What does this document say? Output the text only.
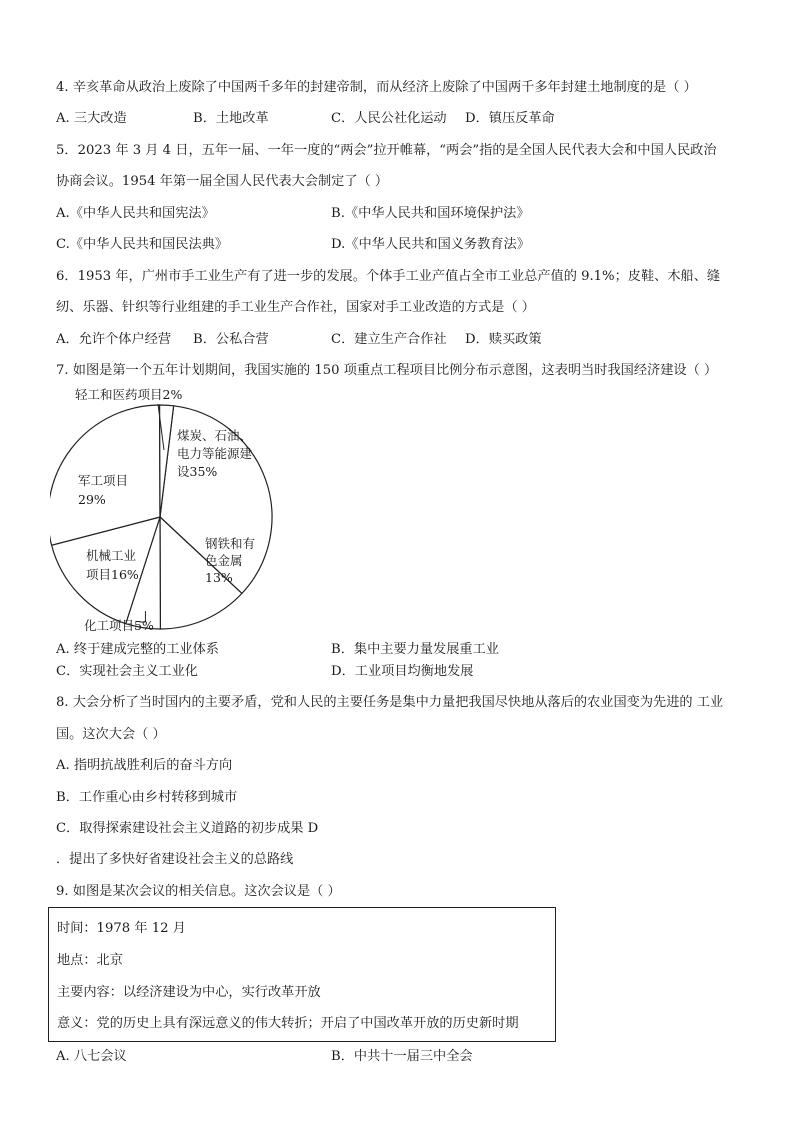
4. 辛亥革命从政治上废除了中国两千多年的封建帝制，而从经济上废除了中国两千多年封建土地制度的是（ ）
A. 三大改造	B．土地改革	C．人民公社化运动 D．镇压反革命
5．2023 年 3 月 4 日，五年一届、一年一度的“两会”拉开帷幕，“两会”指的是全国人民代表大会和中国人民政治
协商会议。1954 年第一届全国人民代表大会制定了（ ）
A.《中华人民共和国宪法》	B.《中华人民共和国环境保护法》
C.《中华人民共和国民法典》	D.《中华人民共和国义务教育法》
6．1953 年，广州市手工业生产有了进一步的发展。个体手工业产值占全市工业总产值的 9.1%；皮鞋、木船、缝
纫、乐器、针织等行业组建的手工业生产合作社，国家对手工业改造的方式是（ ）
A．允许个体户经营 B．公私合营	C．建立生产合作社 D．赎买政策
7. 如图是第一个五年计划期间，我国实施的 150 项重点工程项目比例分布示意图，这表明当时我国经济建设（ ）
煤炭、石油、电力等能源建设35%
钢铁和有色金属 13%
化工项目5%
机械工业项目16%
军工项目 29%
轻工和医药项目2%
A. 终于建成完整的工业体系	B．集中主要力量发展重工业
C．实现社会主义工业化	D．工业项目均衡地发展
8. 大会分析了当时国内的主要矛盾，党和人民的主要任务是集中力量把我国尽快地从落后的农业国变为先进的 工业
国。这次大会（ ）
A. 指明抗战胜利后的奋斗方向
B．工作重心由乡村转移到城市
C．取得探索建设社会主义道路的初步成果 D
．提出了多快好省建设社会主义的总路线
9. 如图是某次会议的相关信息。这次会议是（ ）
时间：1978 年 12 月
地点：北京
主要内容：以经济建设为中心，实行改革开放
意义：党的历史上具有深远意义的伟大转折；开启了中国改革开放的历史新时期
A. 八七会议	B．中共十一届三中全会
